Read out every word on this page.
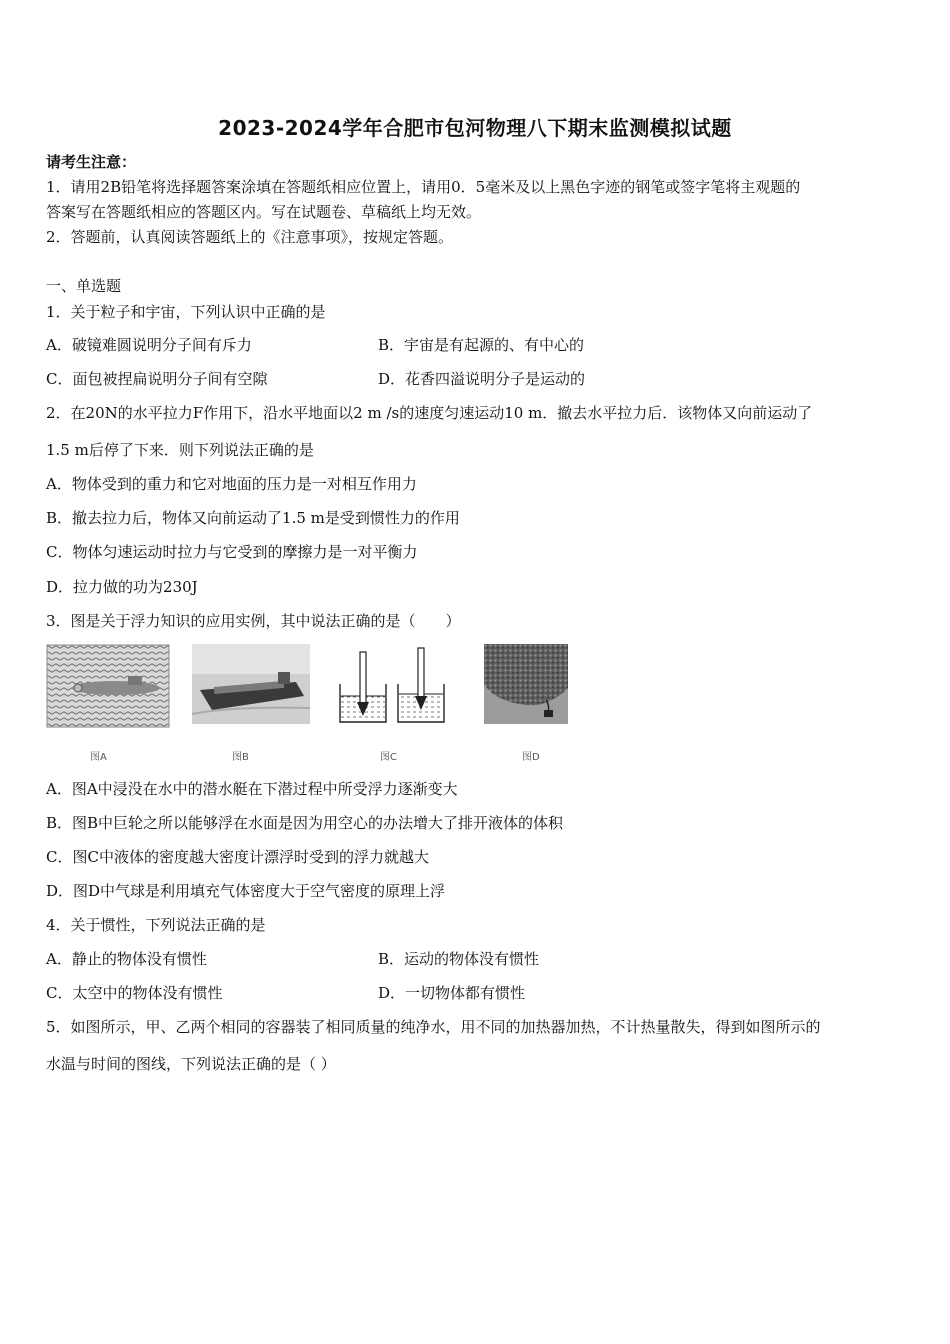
2023-2024学年合肥市包河物理八下期末监测模拟试题
请考生注意：
1．请用2B铅笔将选择题答案涂填在答题纸相应位置上，请用0．5毫米及以上黑色字迹的钢笔或签字笔将主观题的
答案写在答题纸相应的答题区内。写在试题卷、草稿纸上均无效。
2．答题前，认真阅读答题纸上的《注意事项》，按规定答题。
一、单选题
1．关于粒子和宇宙，下列认识中正确的是
A．破镜难圆说明分子间有斥力	B．宇宙是有起源的、有中心的
C．面包被捏扁说明分子间有空隙	D．花香四溢说明分子是运动的
2．在20N的水平拉力F作用下，沿水平地面以2 m /s的速度匀速运动10 m．撤去水平拉力后．该物体又向前运动了
1.5 m后停了下来．则下列说法正确的是
A．物体受到的重力和它对地面的压力是一对相互作用力
B．撤去拉力后，物体又向前运动了1.5 m是受到惯性力的作用
C．物体匀速运动时拉力与它受到的摩擦力是一对平衡力
D．拉力做的功为230J
3．图是关于浮力知识的应用实例，其中说法正确的是（　　）
图A	图B	图C	图D
A．图A中浸没在水中的潜水艇在下潜过程中所受浮力逐渐变大
B．图B中巨轮之所以能够浮在水面是因为用空心的办法增大了排开液体的体积
C．图C中液体的密度越大密度计漂浮时受到的浮力就越大
D．图D中气球是利用填充气体密度大于空气密度的原理上浮
4．关于惯性，下列说法正确的是
A．静止的物体没有惯性	B．运动的物体没有惯性
C．太空中的物体没有惯性	D．一切物体都有惯性
5．如图所示，甲、乙两个相同的容器装了相同质量的纯净水，用不同的加热器加热，不计热量散失，得到如图所示的
水温与时间的图线，下列说法正确的是（ ）
